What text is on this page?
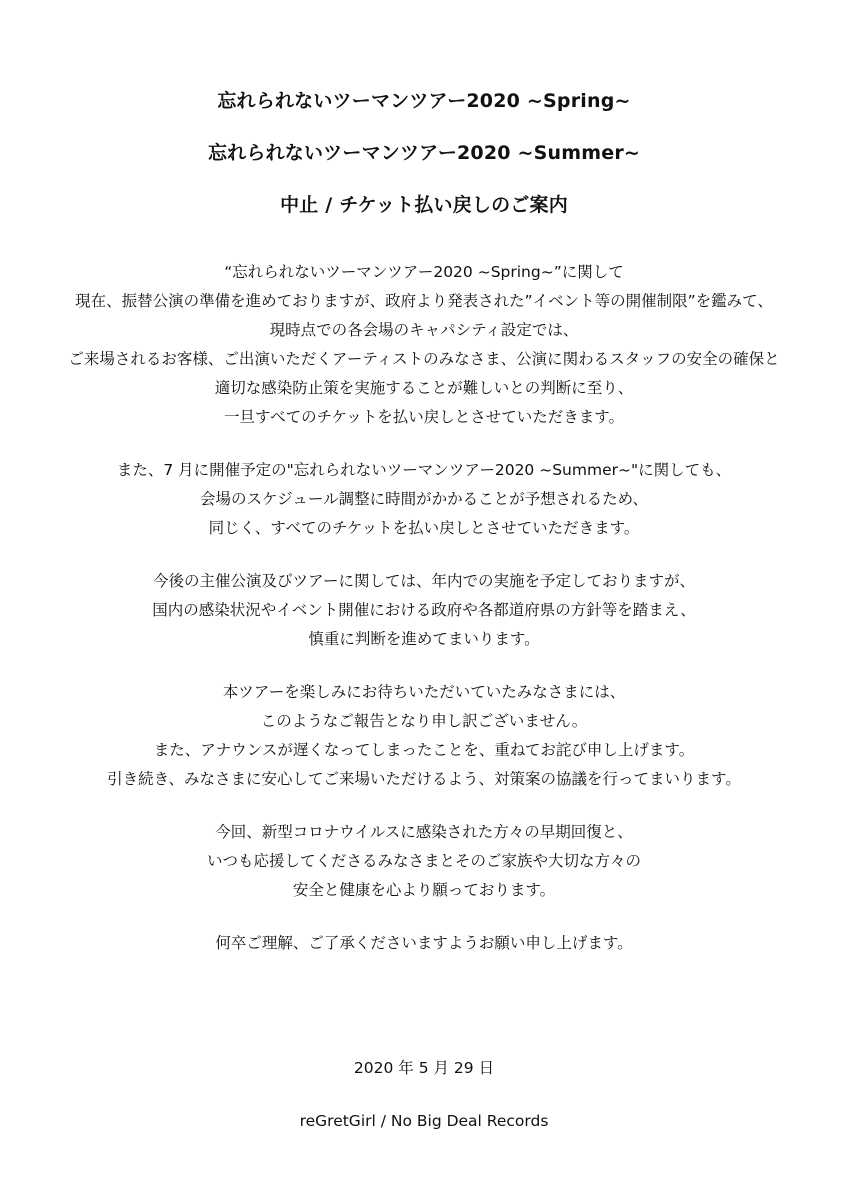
忘れられないツーマンツアー2020 ~Spring~
忘れられないツーマンツアー2020 ~Summer~
中止 / チケット払い戻しのご案内
“忘れられないツーマンツアー2020 ~Spring~”に関して
現在、振替公演の準備を進めておりますが、政府より発表された”イベント等の開催制限”を鑑みて、
現時点での各会場のキャパシティ設定では、
ご来場されるお客様、ご出演いただくアーティストのみなさま、公演に関わるスタッフの安全の確保と
適切な感染防止策を実施することが難しいとの判断に至り、
一旦すべてのチケットを払い戻しとさせていただきます。
また、7 月に開催予定の"忘れられないツーマンツアー2020 ~Summer~"に関しても、
会場のスケジュール調整に時間がかかることが予想されるため、
同じく、すべてのチケットを払い戻しとさせていただきます。
今後の主催公演及びツアーに関しては、年内での実施を予定しておりますが、
国内の感染状況やイベント開催における政府や各都道府県の方針等を踏まえ、
慎重に判断を進めてまいります。
本ツアーを楽しみにお待ちいただいていたみなさまには、
このようなご報告となり申し訳ございません。
また、アナウンスが遅くなってしまったことを、重ねてお詫び申し上げます。
引き続き、みなさまに安心してご来場いただけるよう、対策案の協議を行ってまいります。
今回、新型コロナウイルスに感染された方々の早期回復と、
いつも応援してくださるみなさまとそのご家族や大切な方々の
安全と健康を心より願っております。
何卒ご理解、ご了承くださいますようお願い申し上げます。
2020 年 5 月 29 日
reGretGirl / No Big Deal Records
